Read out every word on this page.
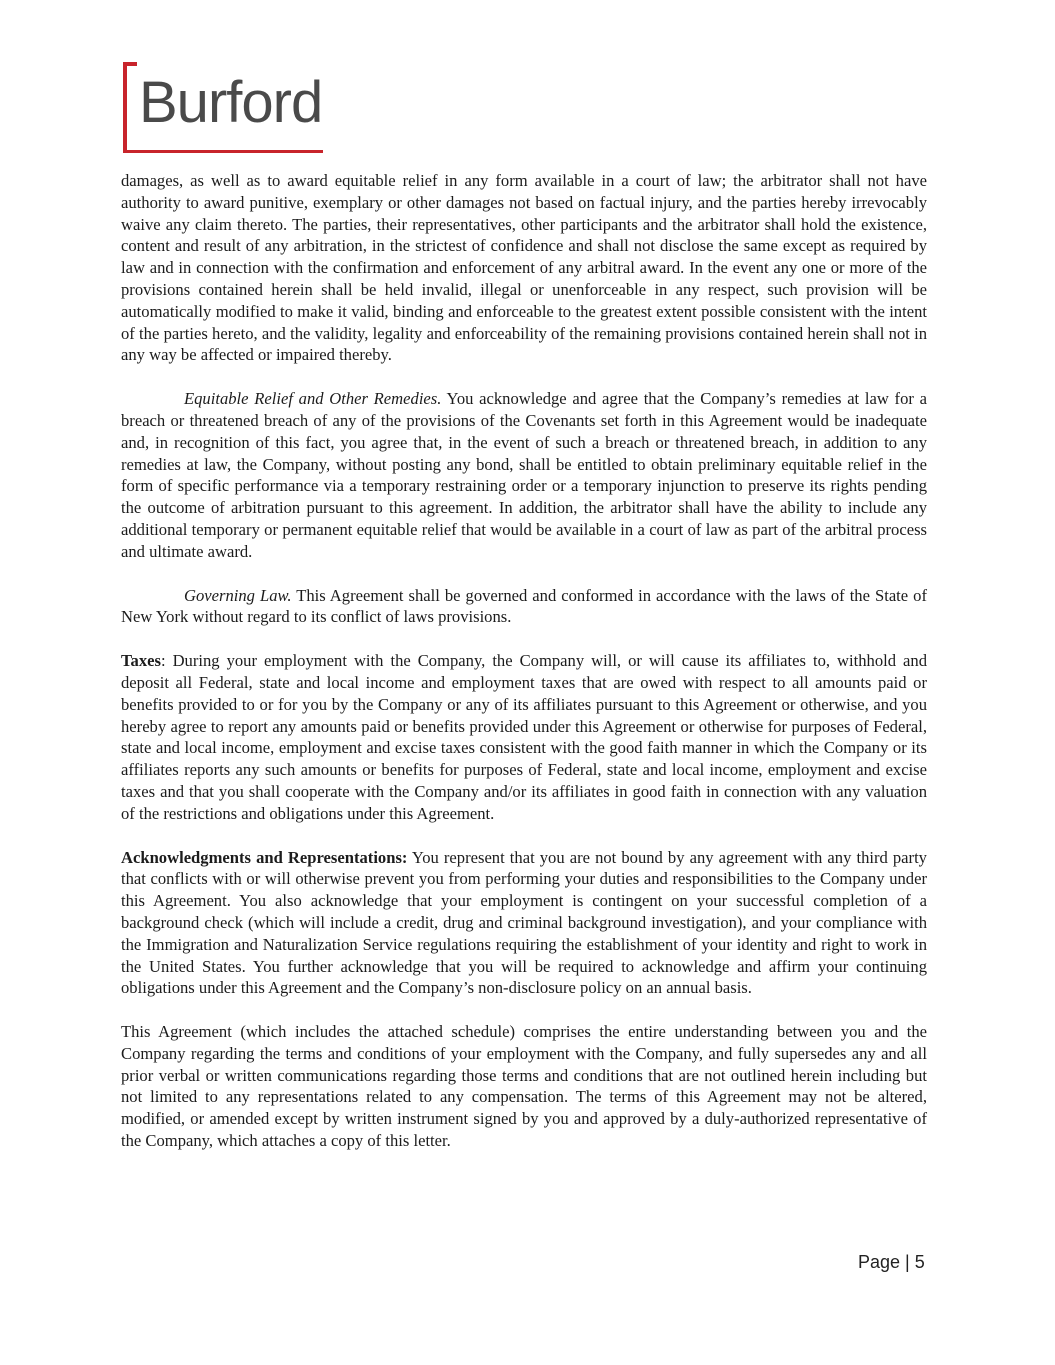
Burford

damages, as well as to award equitable relief in any form available in a court of law; the arbitrator shall not have authority to award punitive, exemplary or other damages not based on factual injury, and the parties hereby irrevocably waive any claim thereto. The parties, their representatives, other participants and the arbitrator shall hold the existence, content and result of any arbitration, in the strictest of confidence and shall not disclose the same except as required by law and in connection with the confirmation and enforcement of any arbitral award. In the event any one or more of the provisions contained herein shall be held invalid, illegal or unenforceable in any respect, such provision will be automatically modified to make it valid, binding and enforceable to the greatest extent possible consistent with the intent of the parties hereto, and the validity, legality and enforceability of the remaining provisions contained herein shall not in any way be affected or impaired thereby.

Equitable Relief and Other Remedies. You acknowledge and agree that the Company’s remedies at law for a breach or threatened breach of any of the provisions of the Covenants set forth in this Agreement would be inadequate and, in recognition of this fact, you agree that, in the event of such a breach or threatened breach, in addition to any remedies at law, the Company, without posting any bond, shall be entitled to obtain preliminary equitable relief in the form of specific performance via a temporary restraining order or a temporary injunction to preserve its rights pending the outcome of arbitration pursuant to this agreement. In addition, the arbitrator shall have the ability to include any additional temporary or permanent equitable relief that would be available in a court of law as part of the arbitral process and ultimate award.

Governing Law. This Agreement shall be governed and conformed in accordance with the laws of the State of New York without regard to its conflict of laws provisions.

Taxes: During your employment with the Company, the Company will, or will cause its affiliates to, withhold and deposit all Federal, state and local income and employment taxes that are owed with respect to all amounts paid or benefits provided to or for you by the Company or any of its affiliates pursuant to this Agreement or otherwise, and you hereby agree to report any amounts paid or benefits provided under this Agreement or otherwise for purposes of Federal, state and local income, employment and excise taxes consistent with the good faith manner in which the Company or its affiliates reports any such amounts or benefits for purposes of Federal, state and local income, employment and excise taxes and that you shall cooperate with the Company and/or its affiliates in good faith in connection with any valuation of the restrictions and obligations under this Agreement.

Acknowledgments and Representations: You represent that you are not bound by any agreement with any third party that conflicts with or will otherwise prevent you from performing your duties and responsibilities to the Company under this Agreement. You also acknowledge that your employment is contingent on your successful completion of a background check (which will include a credit, drug and criminal background investigation), and your compliance with the Immigration and Naturalization Service regulations requiring the establishment of your identity and right to work in the United States. You further acknowledge that you will be required to acknowledge and affirm your continuing obligations under this Agreement and the Company’s non-disclosure policy on an annual basis.

This Agreement (which includes the attached schedule) comprises the entire understanding between you and the Company regarding the terms and conditions of your employment with the Company, and fully supersedes any and all prior verbal or written communications regarding those terms and conditions that are not outlined herein including but not limited to any representations related to any compensation. The terms of this Agreement may not be altered, modified, or amended except by written instrument signed by you and approved by a duly-authorized representative of the Company, which attaches a copy of this letter.

Page | 5
